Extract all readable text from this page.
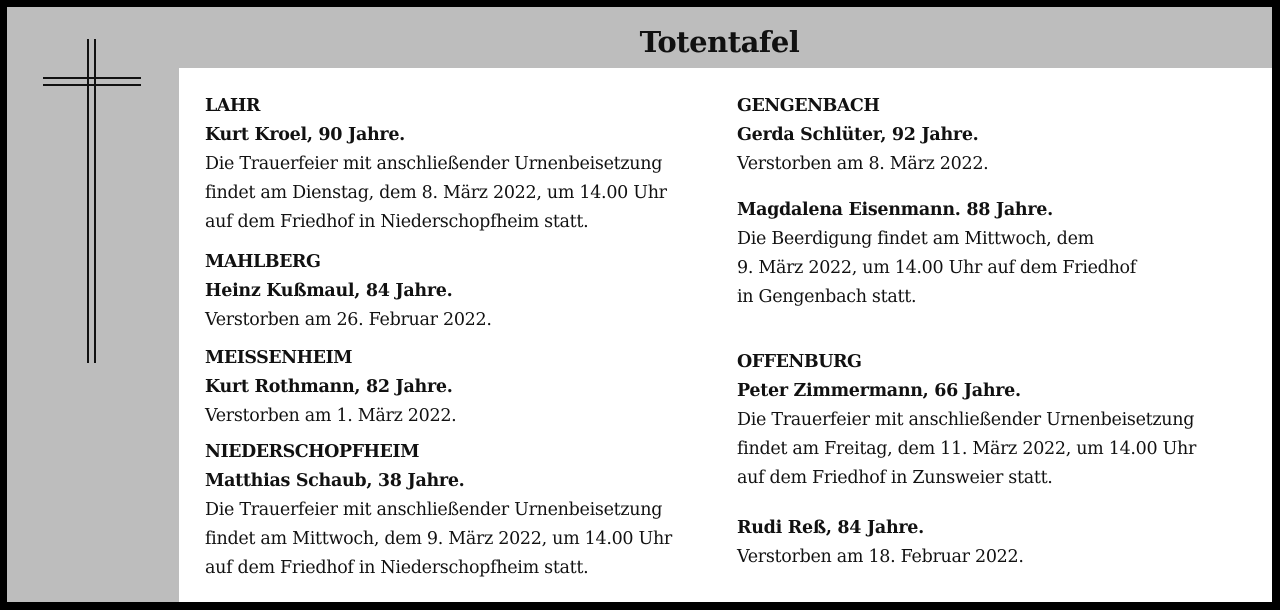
Totentafel
LAHR
Kurt Kroel, 90 Jahre.
Die Trauerfeier mit anschließender Urnenbeisetzung
findet am Dienstag, dem 8. März 2022, um 14.00 Uhr
auf dem Friedhof in Niederschopfheim statt.
MAHLBERG
Heinz Kußmaul, 84 Jahre.
Verstorben am 26. Februar 2022.
MEISSENHEIM
Kurt Rothmann, 82 Jahre.
Verstorben am 1. März 2022.
NIEDERSCHOPFHEIM
Matthias Schaub, 38 Jahre.
Die Trauerfeier mit anschließender Urnenbeisetzung
findet am Mittwoch, dem 9. März 2022, um 14.00 Uhr
auf dem Friedhof in Niederschopfheim statt.
GENGENBACH
Gerda Schlüter, 92 Jahre.
Verstorben am 8. März 2022.
Magdalena Eisenmann. 88 Jahre.
Die Beerdigung findet am Mittwoch, dem
9. März 2022, um 14.00 Uhr auf dem Friedhof
in Gengenbach statt.
OFFENBURG
Peter Zimmermann, 66 Jahre.
Die Trauerfeier mit anschließender Urnenbeisetzung
findet am Freitag, dem 11. März 2022, um 14.00 Uhr
auf dem Friedhof in Zunsweier statt.
Rudi Reß, 84 Jahre.
Verstorben am 18. Februar 2022.
